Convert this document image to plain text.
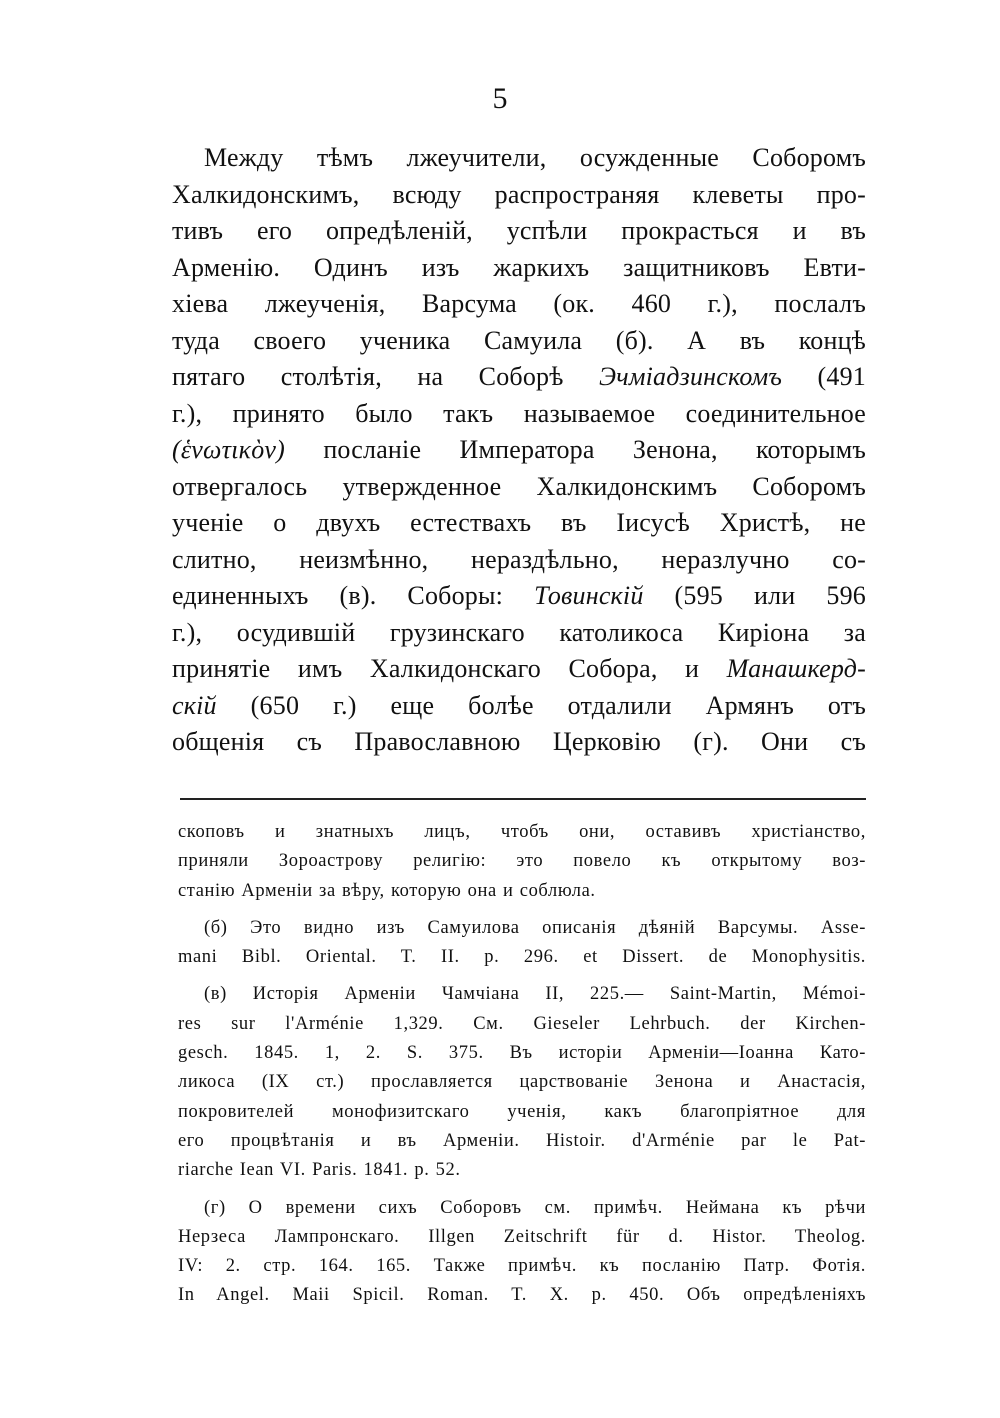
5
Между тѣмъ лжеучители, осужденные Соборомъ
Халкидонскимъ, всюду распространяя клеветы про-
тивъ его опредѣленій, успѣли прокрасться и въ
Арменію. Одинъ изъ жаркихъ защитниковъ Евти-
хіева лжеученія, Варсума (ок. 460 г.), послалъ
туда своего ученика Самуила (б). А въ концѣ
пятаго столѣтія, на Соборѣ Эчміадзинскомъ (491
г.), принято было такъ называемое соединительное
(ἑνωτικὸν) посланіе Императора Зенона, которымъ
отвергалось утвержденное Халкидонскимъ Соборомъ
ученіе о двухъ естествахъ въ Іисусѣ Христѣ, не
слитно, неизмѣнно, нераздѣльно, неразлучно со-
единенныхъ (в). Соборы: Товинскій (595 или 596
г.), осудившій грузинскаго католикоса Киріона за
принятіе имъ Халкидонскаго Собора, и Манашкерд-
скій (650 г.) еще болѣе отдалили Армянъ отъ
общенія съ Православною Церковію (г). Они съ
скоповъ и знатныхъ лицъ, чтобъ они, оставивъ христіанство,
приняли Зороастрову религію: это повело къ открытому воз-
станію Арменіи за вѣру, которую она и соблюла.
(б) Это видно изъ Самуилова описанія дѣяній Варсумы. Asse-
mani Bibl. Oriental. T. II. p. 296. et Dissert. de Monophysitis.
(в) Исторія Арменіи Чамчіана II, 225.— Saint-Martin, Mémoi-
res sur l'Arménie 1,329. См. Gieseler Lehrbuch. der Kirchen-
gesch. 1845. 1, 2. S. 375. Въ исторіи Арменіи—Іоанна Като-
ликоса (IX ст.) прославляется царствованіе Зенона и Анастасія,
покровителей монофизитскаго ученія, какъ благопріятное для
его процвѣтанія и въ Арменіи. Histoir. d'Arménie par le Pat-
riarche Iean VI. Paris. 1841. p. 52.
(г) О времени сихъ Соборовъ см. примѣч. Неймана къ рѣчи
Нерзеса Лампронскаго. Illgen Zeitschrift für d. Histor. Theolog.
IV: 2. стр. 164. 165. Также примѣч. къ посланію Патр. Фотія.
In Angel. Maii Spicil. Roman. T. X. p. 450. Объ опредѣленіяхъ
